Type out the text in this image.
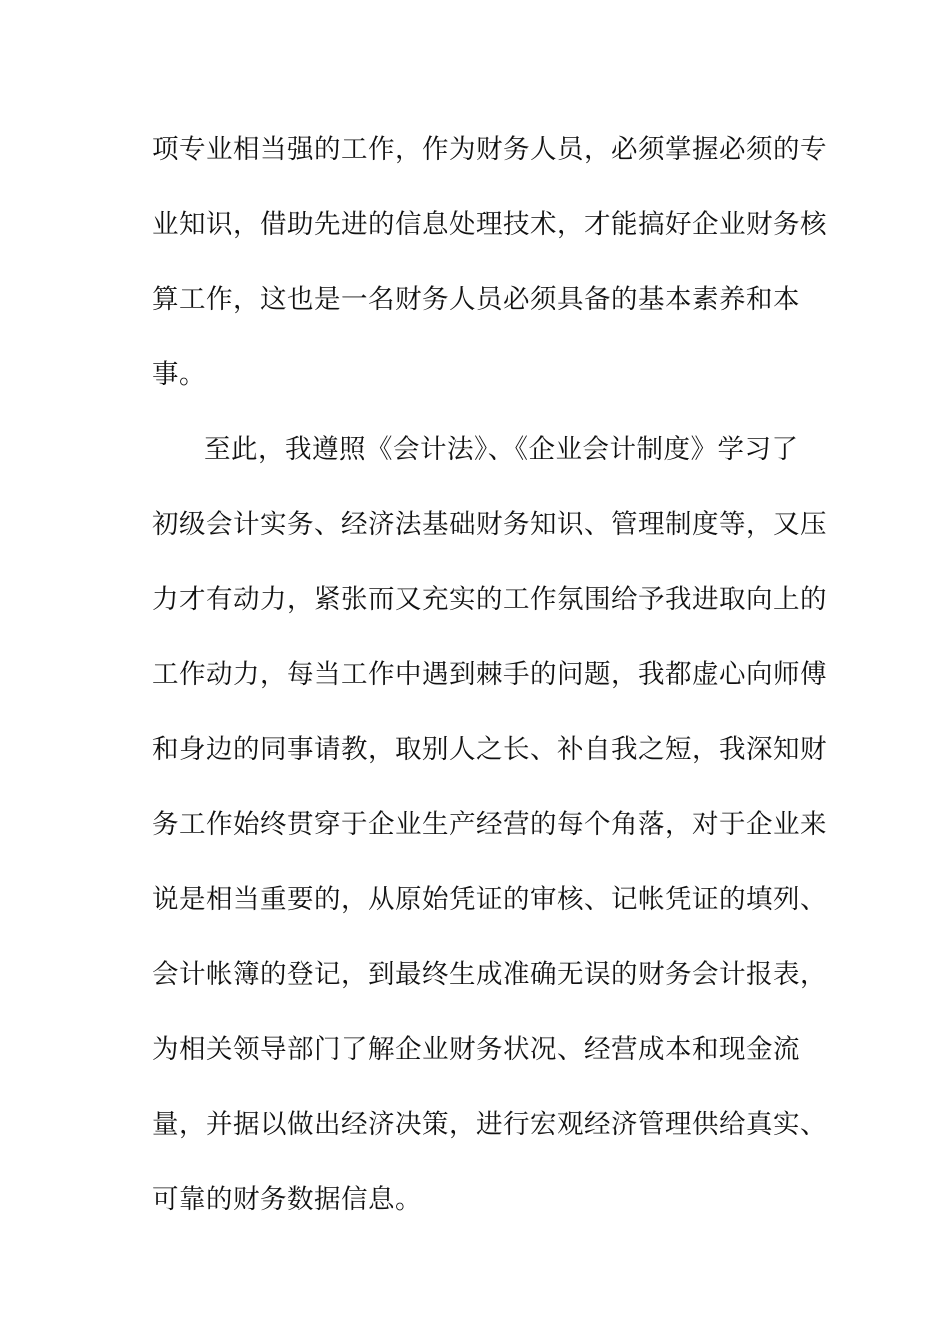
项专业相当强的工作，作为财务人员，必须掌握必须的专
业知识，借助先进的信息处理技术，才能搞好企业财务核
算工作，这也是一名财务人员必须具备的基本素养和本
事。
至此，我遵照《会计法》、《企业会计制度》学习了
初级会计实务、经济法基础财务知识、管理制度等，又压
力才有动力，紧张而又充实的工作氛围给予我进取向上的
工作动力，每当工作中遇到棘手的问题，我都虚心向师傅
和身边的同事请教，取别人之长、补自我之短，我深知财
务工作始终贯穿于企业生产经营的每个角落，对于企业来
说是相当重要的，从原始凭证的审核、记帐凭证的填列、
会计帐簿的登记，到最终生成准确无误的财务会计报表，
为相关领导部门了解企业财务状况、经营成本和现金流
量，并据以做出经济决策，进行宏观经济管理供给真实、
可靠的财务数据信息。
